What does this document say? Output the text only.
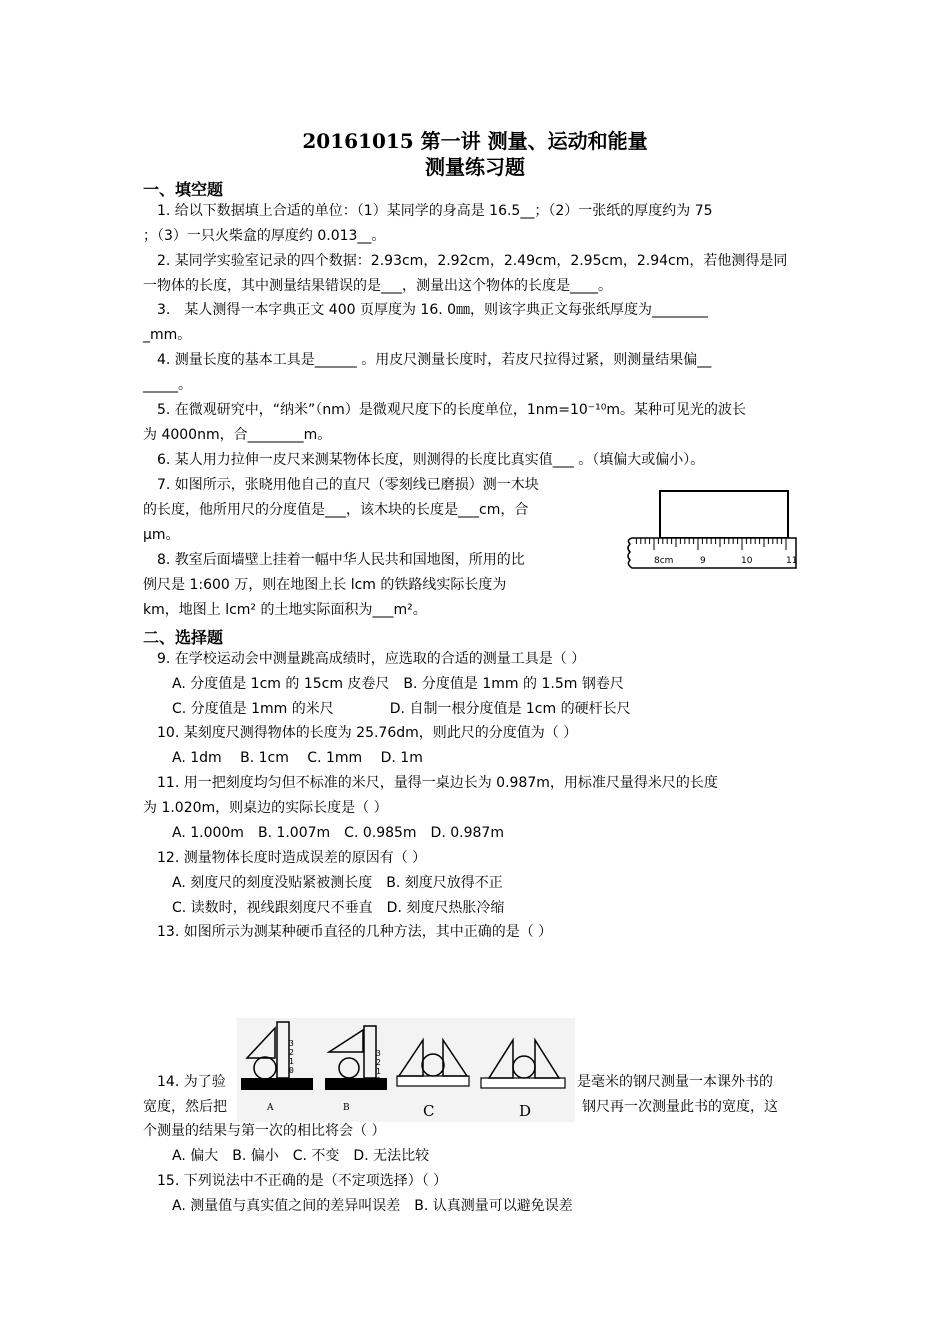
20161015 第一讲 测量、运动和能量
测量练习题
一、填空题
1. 给以下数据填上合适的单位：（1）某同学的身高是 16.5__；（2）一张纸的厚度约为 75
；（3）一只火柴盒的厚度约 0.013__。
2. 某同学实验室记录的四个数据：2.93cm，2.92cm，2.49cm，2.95cm，2.94cm，若他测得是同
一物体的长度，其中测量结果错误的是___，测量出这个物体的长度是____。
3.　某人测得一本字典正文 400 页厚度为 16. 0㎜，则该字典正文每张纸厚度为________
_mm。
4. 测量长度的基本工具是______ 。用皮尺测量长度时，若皮尺拉得过紧，则测量结果偏__
_____。
5. 在微观研究中，“纳米”（nm）是微观尺度下的长度单位，1nm=10⁻¹⁰m。某种可见光的波长
为 4000nm，合________m。
6. 某人用力拉伸一皮尺来测某物体长度，则测得的长度比真实值___ 。（填偏大或偏小）。
7. 如图所示，张晓用他自己的直尺（零刻线已磨损）测一木块
的长度，他所用尺的分度值是___，该木块的长度是___cm，合
μm。
8. 教室后面墙壁上挂着一幅中华人民共和国地图，所用的比
例尺是 1:600 万，则在地图上长 lcm 的铁路线实际长度为
km，地图上 lcm² 的土地实际面积为___m²。
8cm	9	10	11
二、选择题
9. 在学校运动会中测量跳高成绩时，应选取的合适的测量工具是（ ）
A. 分度值是 1cm 的 15cm 皮卷尺　B. 分度值是 1mm 的 1.5m 钢卷尺
C. 分度值是 1mm 的米尺　　　　D. 自制一根分度值是 1cm 的硬杆长尺
10. 某刻度尺测得物体的长度为 25.76dm，则此尺的分度值为（ ）
A. 1dm　 B. 1cm　 C. 1mm　 D. 1m
11. 用一把刻度均匀但不标准的米尺，量得一桌边长为 0.987m，用标准尺量得米尺的长度
为 1.020m，则桌边的实际长度是（ ）
A. 1.000m　B. 1.007m　C. 0.985m　D. 0.987m
12. 测量物体长度时造成误差的原因有（ ）
A. 刻度尺的刻度没贴紧被测长度　B. 刻度尺放得不正
C. 读数时，视线跟刻度尺不垂直　D. 刻度尺热胀冷缩
13. 如图所示为测某种硬币直径的几种方法，其中正确的是（ ）
3
2
1
0
A
3
2
1
0
B	C	D
14. 为了验	是毫米的钢尺测量一本课外书的
宽度，然后把	钢尺再一次测量此书的宽度，这
个测量的结果与第一次的相比将会（ ）
A. 偏大　B. 偏小　C. 不变　D. 无法比较
15. 下列说法中不正确的是（不定项选择）（ ）
A. 测量值与真实值之间的差异叫误差　B. 认真测量可以避免误差
